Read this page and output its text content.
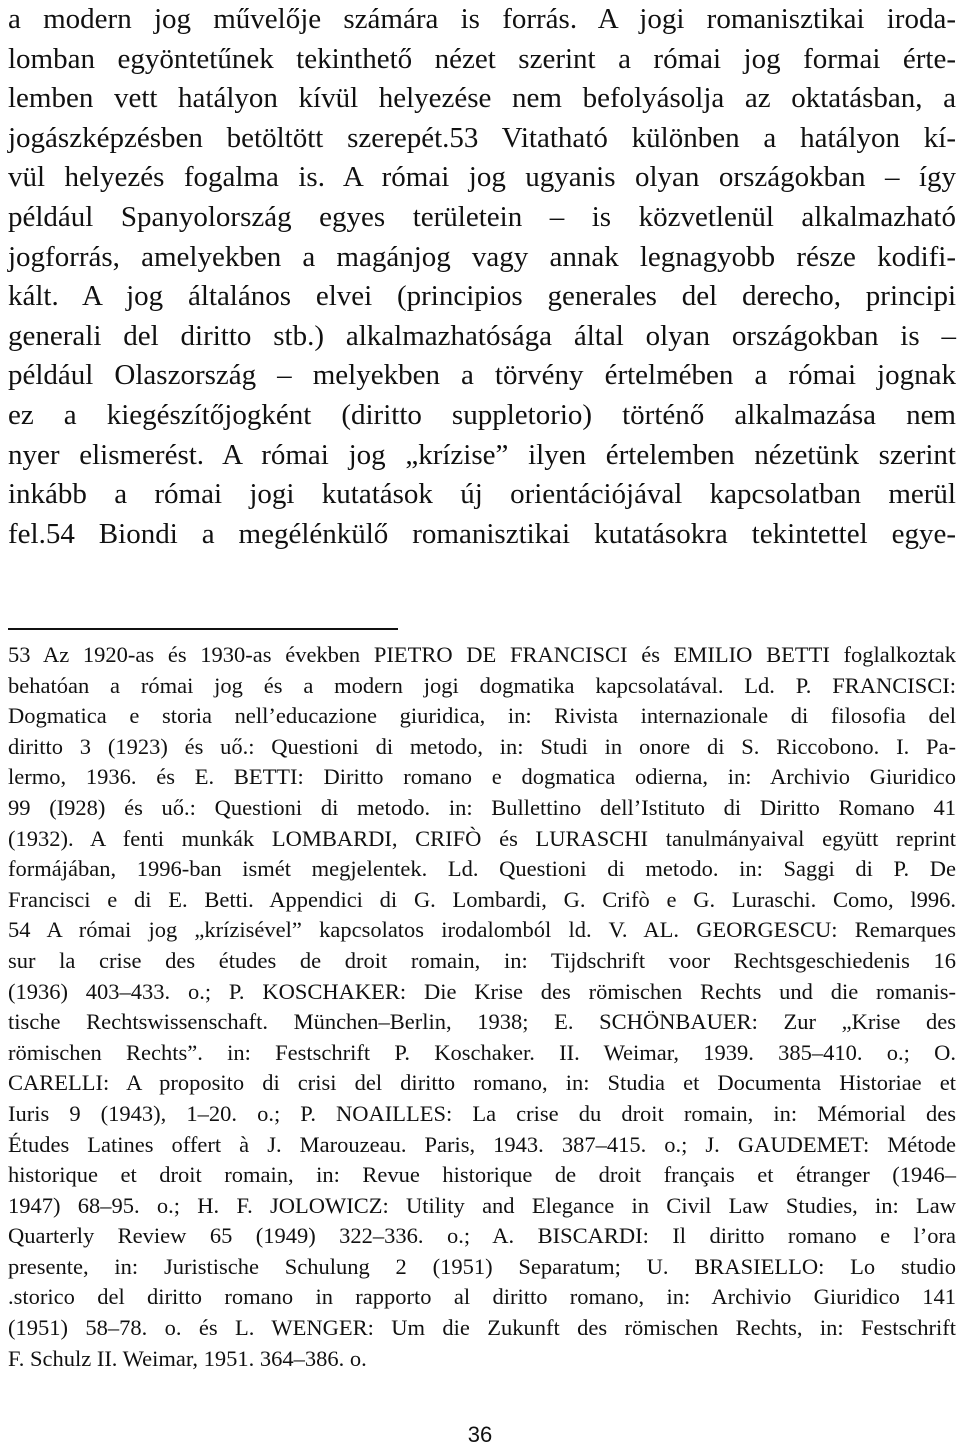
a modern jog művelője számára is forrás. A jogi romanisztikai iroda-
lomban egyöntetűnek tekinthető nézet szerint a római jog formai érte-
lemben vett hatályon kívül helyezése nem befolyásolja az oktatásban, a
jogászképzésben betöltött szerepét.53 Vitatható különben a hatályon kí-
vül helyezés fogalma is. A római jog ugyanis olyan országokban – így
például Spanyolország egyes területein – is közvetlenül alkalmazható
jogforrás, amelyekben a magánjog vagy annak legnagyobb része kodifi-
kált. A jog általános elvei (principios generales del derecho, principi
generali del diritto stb.) alkalmazhatósága által olyan országokban is –
például Olaszország – melyekben a törvény értelmében a római jognak
ez a kiegészítőjogként (diritto suppletorio) történő alkalmazása nem
nyer elismerést. A római jog „krízise” ilyen értelemben nézetünk szerint
inkább a római jogi kutatások új orientációjával kapcsolatban merül
fel.54 Biondi a megélénkülő romanisztikai kutatásokra tekintettel egye-
53 Az 1920-as és 1930-as években PIETRO DE FRANCISCI és EMILIO BETTI foglalkoztak
behatóan a római jog és a modern jogi dogmatika kapcsolatával. Ld. P. FRANCISCI:
Dogmatica e storia nell’educazione giuridica, in: Rivista internazionale di filosofia del
diritto 3 (1923) és uő.: Questioni di metodo, in: Studi in onore di S. Riccobono. I. Pa-
lermo, 1936. és E. BETTI: Diritto romano e dogmatica odierna, in: Archivio Giuridico
99 (I928) és uő.: Questioni di metodo. in: Bullettino dell’Istituto di Diritto Romano 41
(1932). A fenti munkák LOMBARDI, CRIFÒ és LURASCHI tanulmányaival együtt reprint
formájában, 1996-ban ismét megjelentek. Ld. Questioni di metodo. in: Saggi di P. De
Francisci e di E. Betti. Appendici di G. Lombardi, G. Crifò e G. Luraschi. Como, l996.
54 A római jog „krízisével” kapcsolatos irodalomból ld. V. AL. GEORGESCU: Remarques
sur la crise des études de droit romain, in: Tijdschrift voor Rechtsgeschiedenis 16
(1936) 403–433. o.; P. KOSCHAKER: Die Krise des römischen Rechts und die romanis-
tische Rechtswissenschaft. München–Berlin, 1938; E. SCHÖNBAUER: Zur „Krise des
römischen Rechts”. in: Festschrift P. Koschaker. II. Weimar, 1939. 385–410. o.; O.
CARELLI: A proposito di crisi del diritto romano, in: Studia et Documenta Historiae et
Iuris 9 (1943), 1–20. o.; P. NOAILLES: La crise du droit romain, in: Mémorial des
Études Latines offert à J. Marouzeau. Paris, 1943. 387–415. o.; J. GAUDEMET: Métode
historique et droit romain, in: Revue historique de droit français et étranger (1946–
1947) 68–95. o.; H. F. JOLOWICZ: Utility and Elegance in Civil Law Studies, in: Law
Quarterly Review 65 (1949) 322–336. o.; A. BISCARDI: Il diritto romano e l’ora
presente, in: Juristische Schulung 2 (1951) Separatum; U. BRASIELLO: Lo studio
.storico del diritto romano in rapporto al diritto romano, in: Archivio Giuridico 141
(1951) 58–78. o. és L. WENGER: Um die Zukunft des römischen Rechts, in: Festschrift
F. Schulz II. Weimar, 1951. 364–386. o.
36
